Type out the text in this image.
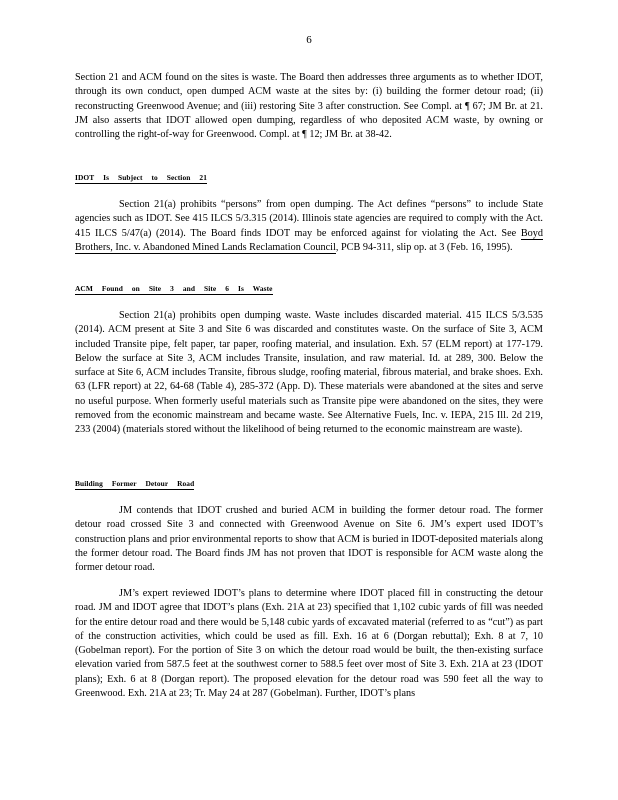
6

Section 21 and ACM found on the sites is waste. The Board then addresses three arguments as to whether IDOT, through its own conduct, open dumped ACM waste at the sites by: (i) building the former detour road; (ii) reconstructing Greenwood Avenue; and (iii) restoring Site 3 after construction. See Compl. at ¶ 67; JM Br. at 21. JM also asserts that IDOT allowed open dumping, regardless of who deposited ACM waste, by owning or controlling the right-of-way for Greenwood. Compl. at ¶ 12; JM Br. at 38-42.

IDOT Is Subject to Section 21

Section 21(a) prohibits “persons” from open dumping. The Act defines “persons” to include State agencies such as IDOT. See 415 ILCS 5/3.315 (2014). Illinois state agencies are required to comply with the Act. 415 ILCS 5/47(a) (2014). The Board finds IDOT may be enforced against for violating the Act. See Boyd Brothers, Inc. v. Abandoned Mined Lands Reclamation Council, PCB 94-311, slip op. at 3 (Feb. 16, 1995).

ACM Found on Site 3 and Site 6 Is Waste

Section 21(a) prohibits open dumping waste. Waste includes discarded material. 415 ILCS 5/3.535 (2014). ACM present at Site 3 and Site 6 was discarded and constitutes waste. On the surface of Site 3, ACM included Transite pipe, felt paper, tar paper, roofing material, and insulation. Exh. 57 (ELM report) at 177-179. Below the surface at Site 3, ACM includes Transite, insulation, and raw material. Id. at 289, 300. Below the surface at Site 6, ACM includes Transite, fibrous sludge, roofing material, fibrous material, and brake shoes. Exh. 63 (LFR report) at 22, 64-68 (Table 4), 285-372 (App. D). These materials were abandoned at the sites and serve no useful purpose. When formerly useful materials such as Transite pipe were abandoned on the sites, they were removed from the economic mainstream and became waste. See Alternative Fuels, Inc. v. IEPA, 215 Ill. 2d 219, 233 (2004) (materials stored without the likelihood of being returned to the economic mainstream are waste).

Building Former Detour Road

JM contends that IDOT crushed and buried ACM in building the former detour road. The former detour road crossed Site 3 and connected with Greenwood Avenue on Site 6. JM’s expert used IDOT’s construction plans and prior environmental reports to show that ACM is buried in IDOT-deposited materials along the former detour road. The Board finds JM has not proven that IDOT is responsible for ACM waste along the former detour road.

JM’s expert reviewed IDOT’s plans to determine where IDOT placed fill in constructing the detour road. JM and IDOT agree that IDOT’s plans (Exh. 21A at 23) specified that 1,102 cubic yards of fill was needed for the entire detour road and there would be 5,148 cubic yards of excavated material (referred to as “cut”) as part of the construction activities, which could be used as fill. Exh. 16 at 6 (Dorgan rebuttal); Exh. 8 at 7, 10 (Gobelman report). For the portion of Site 3 on which the detour road would be built, the then-existing surface elevation varied from 587.5 feet at the southwest corner to 588.5 feet over most of Site 3. Exh. 21A at 23 (IDOT plans); Exh. 6 at 8 (Dorgan report). The proposed elevation for the detour road was 590 feet all the way to Greenwood. Exh. 21A at 23; Tr. May 24 at 287 (Gobelman). Further, IDOT’s plans
